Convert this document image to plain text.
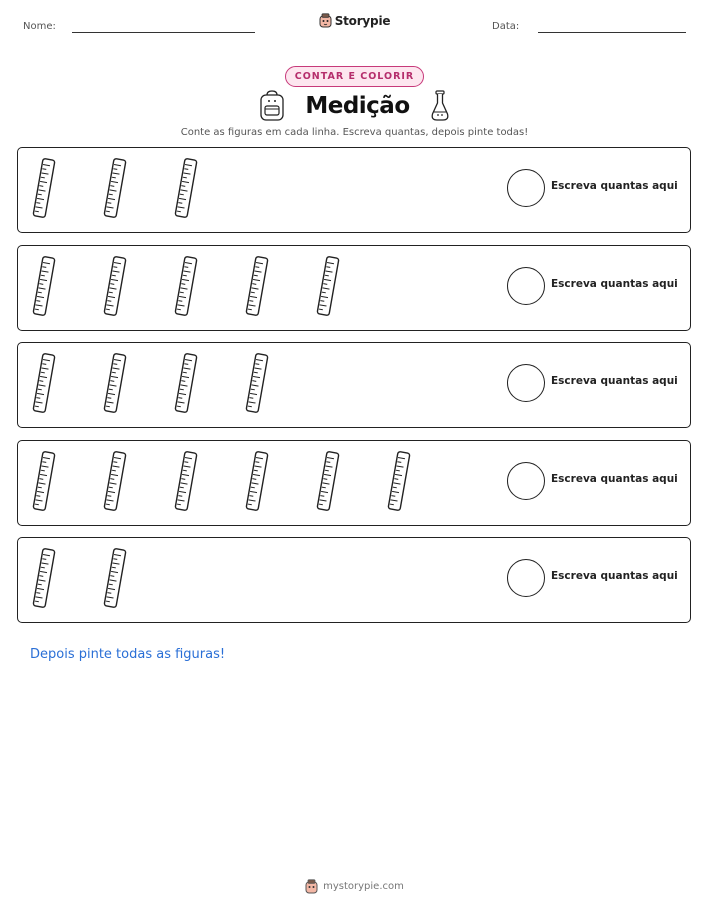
Nome:	Storypie	Data:
CONTAR E COLORIR
Medição
Conte as figuras em cada linha. Escreva quantas, depois pinte todas!
Escreva quantas aqui
Escreva quantas aqui
Escreva quantas aqui
Escreva quantas aqui
Escreva quantas aqui
Depois pinte todas as figuras!
mystorypie.com
